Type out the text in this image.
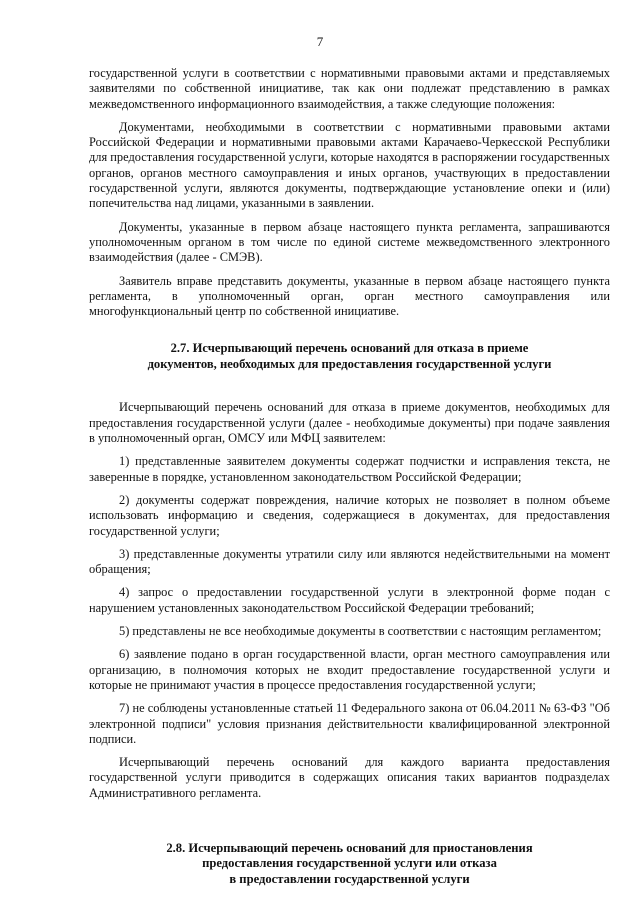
7

государственной услуги в соответствии с нормативными правовыми актами и представляемых заявителями по собственной инициативе, так как они подлежат представлению в рамках межведомственного информационного взаимодействия, а также следующие положения:

Документами, необходимыми в соответствии с нормативными правовыми актами Российской Федерации и нормативными правовыми актами Карачаево-Черкесской Республики для предоставления государственной услуги, которые находятся в распоряжении государственных органов, органов местного самоуправления и иных органов, участвующих в предоставлении государственной услуги, являются документы, подтверждающие установление опеки и (или) попечительства над лицами, указанными в заявлении.

Документы, указанные в первом абзаце настоящего пункта регламента, запрашиваются уполномоченным органом в том числе по единой системе межведомственного электронного взаимодействия (далее - СМЭВ).

Заявитель вправе представить документы, указанные в первом абзаце настоящего пункта регламента, в уполномоченный орган, орган местного самоуправления или многофункциональный центр по собственной инициативе.

2.7. Исчерпывающий перечень оснований для отказа в приеме
документов, необходимых для предоставления государственной услуги

Исчерпывающий перечень оснований для отказа в приеме документов, необходимых для предоставления государственной услуги (далее - необходимые документы) при подаче заявления в уполномоченный орган, ОМСУ или МФЦ заявителем:

1) представленные заявителем документы содержат подчистки и исправления текста, не заверенные в порядке, установленном законодательством Российской Федерации;

2) документы содержат повреждения, наличие которых не позволяет в полном объеме использовать информацию и сведения, содержащиеся в документах, для предоставления государственной услуги;

3) представленные документы утратили силу или являются недействительными на момент обращения;

4) запрос о предоставлении государственной услуги в электронной форме подан с нарушением установленных законодательством Российской Федерации требований;

5) представлены не все необходимые документы в соответствии с настоящим регламентом;

6) заявление подано в орган государственной власти, орган местного самоуправления или организацию, в полномочия которых не входит предоставление государственной услуги и которые не принимают участия в процессе предоставления государственной услуги;

7) не соблюдены установленные статьей 11 Федерального закона от 06.04.2011 № 63-ФЗ "Об электронной подписи" условия признания действительности квалифицированной электронной подписи.

Исчерпывающий перечень оснований для каждого варианта предоставления государственной услуги приводится в содержащих описания таких вариантов подразделах Административного регламента.

2.8. Исчерпывающий перечень оснований для приостановления
предоставления государственной услуги или отказа
в предоставлении государственной услуги
